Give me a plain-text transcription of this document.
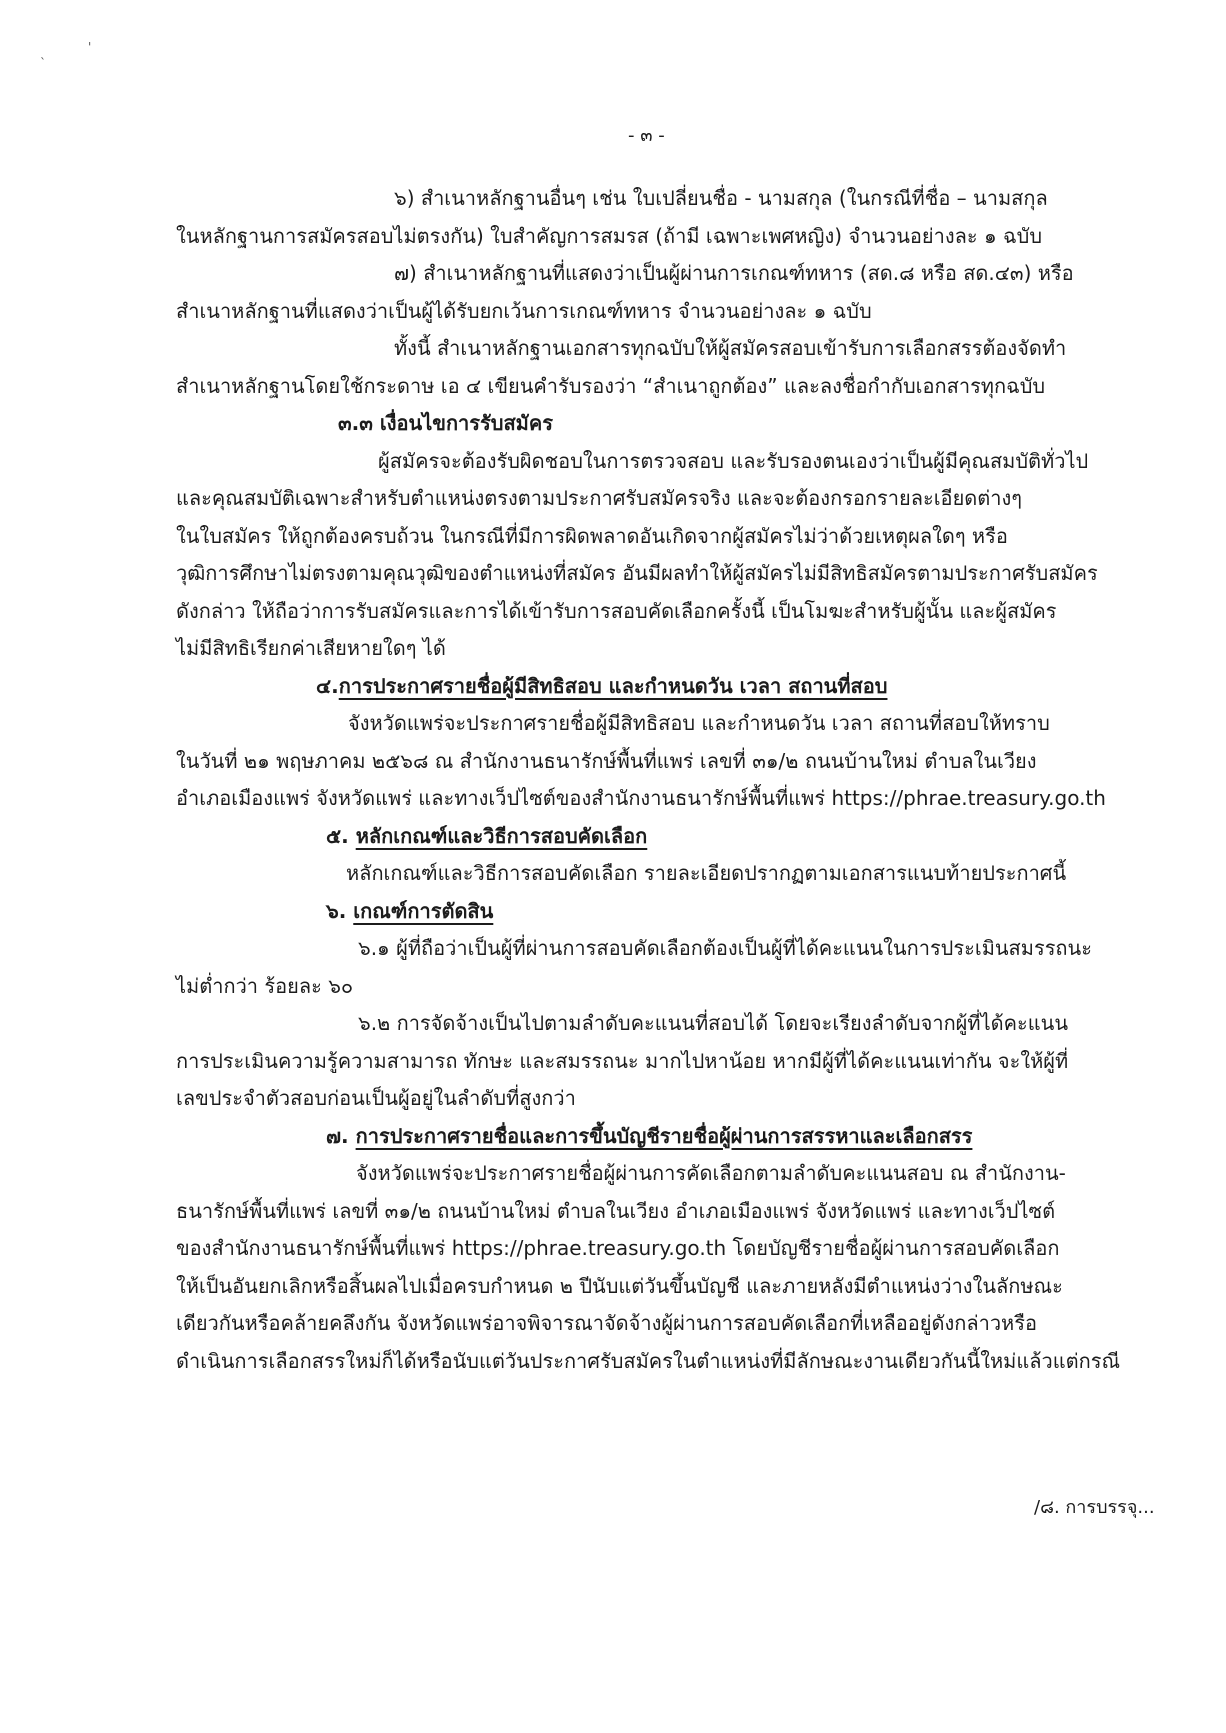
'
`
- ๓ -
๖) สำเนาหลักฐานอื่นๆ เช่น ใบเปลี่ยนชื่อ - นามสกุล (ในกรณีที่ชื่อ – นามสกุล
ในหลักฐานการสมัครสอบไม่ตรงกัน) ใบสำคัญการสมรส (ถ้ามี เฉพาะเพศหญิง) จำนวนอย่างละ ๑ ฉบับ
๗) สำเนาหลักฐานที่แสดงว่าเป็นผู้ผ่านการเกณฑ์ทหาร (สด.๘ หรือ สด.๔๓) หรือ
สำเนาหลักฐานที่แสดงว่าเป็นผู้ได้รับยกเว้นการเกณฑ์ทหาร จำนวนอย่างละ ๑ ฉบับ
ทั้งนี้ สำเนาหลักฐานเอกสารทุกฉบับให้ผู้สมัครสอบเข้ารับการเลือกสรรต้องจัดทำ
สำเนาหลักฐานโดยใช้กระดาษ เอ ๔ เขียนคำรับรองว่า “สำเนาถูกต้อง” และลงชื่อกำกับเอกสารทุกฉบับ
๓.๓ เงื่อนไขการรับสมัคร
ผู้สมัครจะต้องรับผิดชอบในการตรวจสอบ และรับรองตนเองว่าเป็นผู้มีคุณสมบัติทั่วไป
และคุณสมบัติเฉพาะสำหรับตำแหน่งตรงตามประกาศรับสมัครจริง และจะต้องกรอกรายละเอียดต่างๆ
ในใบสมัคร ให้ถูกต้องครบถ้วน ในกรณีที่มีการผิดพลาดอันเกิดจากผู้สมัครไม่ว่าด้วยเหตุผลใดๆ หรือ
วุฒิการศึกษาไม่ตรงตามคุณวุฒิของตำแหน่งที่สมัคร อันมีผลทำให้ผู้สมัครไม่มีสิทธิสมัครตามประกาศรับสมัคร
ดังกล่าว ให้ถือว่าการรับสมัครและการได้เข้ารับการสอบคัดเลือกครั้งนี้ เป็นโมฆะสำหรับผู้นั้น และผู้สมัคร
ไม่มีสิทธิเรียกค่าเสียหายใดๆ ได้
๔.การประกาศรายชื่อผู้มีสิทธิสอบ และกำหนดวัน เวลา สถานที่สอบ
จังหวัดแพร่จะประกาศรายชื่อผู้มีสิทธิสอบ และกำหนดวัน เวลา สถานที่สอบให้ทราบ
ในวันที่ ๒๑ พฤษภาคม ๒๕๖๘ ณ สำนักงานธนารักษ์พื้นที่แพร่ เลขที่ ๓๑/๒ ถนนบ้านใหม่ ตำบลในเวียง
อำเภอเมืองแพร่ จังหวัดแพร่ และทางเว็ปไซต์ของสำนักงานธนารักษ์พื้นที่แพร่ https://phrae.treasury.go.th
๕. หลักเกณฑ์และวิธีการสอบคัดเลือก
หลักเกณฑ์และวิธีการสอบคัดเลือก รายละเอียดปรากฏตามเอกสารแนบท้ายประกาศนี้
๖. เกณฑ์การตัดสิน
๖.๑ ผู้ที่ถือว่าเป็นผู้ที่ผ่านการสอบคัดเลือกต้องเป็นผู้ที่ได้คะแนนในการประเมินสมรรถนะ
ไม่ต่ำกว่า ร้อยละ ๖๐
๖.๒ การจัดจ้างเป็นไปตามลำดับคะแนนที่สอบได้ โดยจะเรียงลำดับจากผู้ที่ได้คะแนน
การประเมินความรู้ความสามารถ ทักษะ และสมรรถนะ มากไปหาน้อย หากมีผู้ที่ได้คะแนนเท่ากัน จะให้ผู้ที่
เลขประจำตัวสอบก่อนเป็นผู้อยู่ในลำดับที่สูงกว่า
๗. การประกาศรายชื่อและการขึ้นบัญชีรายชื่อผู้ผ่านการสรรหาและเลือกสรร
จังหวัดแพร่จะประกาศรายชื่อผู้ผ่านการคัดเลือกตามลำดับคะแนนสอบ ณ สำนักงาน-
ธนารักษ์พื้นที่แพร่ เลขที่ ๓๑/๒ ถนนบ้านใหม่ ตำบลในเวียง อำเภอเมืองแพร่ จังหวัดแพร่ และทางเว็ปไซต์
ของสำนักงานธนารักษ์พื้นที่แพร่ https://phrae.treasury.go.th โดยบัญชีรายชื่อผู้ผ่านการสอบคัดเลือก
ให้เป็นอันยกเลิกหรือสิ้นผลไปเมื่อครบกำหนด ๒ ปีนับแต่วันขึ้นบัญชี และภายหลังมีตำแหน่งว่างในลักษณะ
เดียวกันหรือคล้ายคลึงกัน จังหวัดแพร่อาจพิจารณาจัดจ้างผู้ผ่านการสอบคัดเลือกที่เหลืออยู่ดังกล่าวหรือ
ดำเนินการเลือกสรรใหม่ก็ได้หรือนับแต่วันประกาศรับสมัครในตำแหน่งที่มีลักษณะงานเดียวกันนี้ใหม่แล้วแต่กรณี
/๘. การบรรจุ...
